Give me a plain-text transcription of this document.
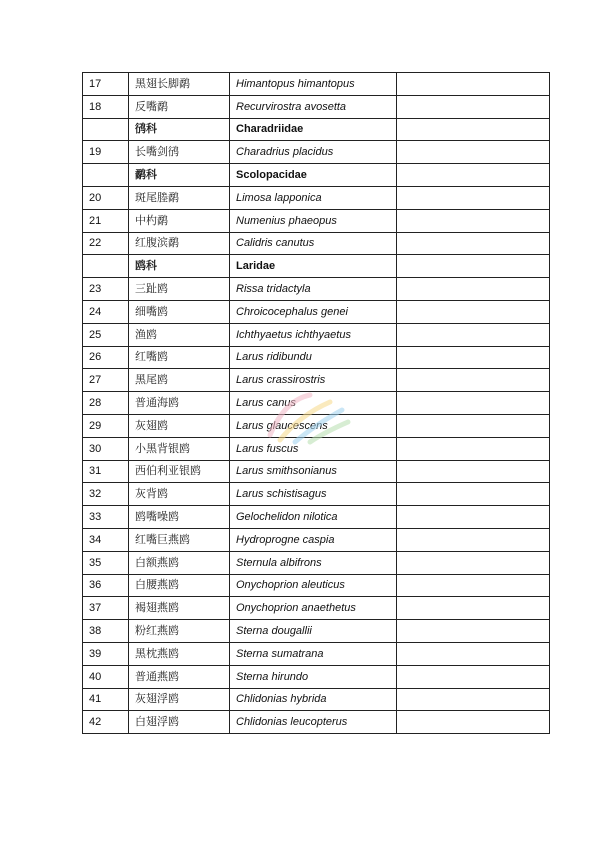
17	黑翅长脚鹬	Himantopus himantopus	
18	反嘴鹬	Recurvirostra avosetta	
	鸻科	Charadriidae	
19	长嘴剑鸻	Charadrius placidus	
	鹬科	Scolopacidae	
20	斑尾塍鹬	Limosa lapponica	
21	中杓鹬	Numenius phaeopus	
22	红腹滨鹬	Calidris canutus	
	鸥科	Laridae	
23	三趾鸥	Rissa tridactyla	
24	细嘴鸥	Chroicocephalus genei	
25	渔鸥	Ichthyaetus ichthyaetus	
26	红嘴鸥	Larus ridibundu	
27	黑尾鸥	Larus crassirostris	
28	普通海鸥	Larus canus	
29	灰翅鸥	Larus glaucescens	
30	小黑背银鸥	Larus fuscus	
31	西伯利亚银鸥	Larus smithsonianus	
32	灰背鸥	Larus schistisagus	
33	鸥嘴噪鸥	Gelochelidon nilotica	
34	红嘴巨燕鸥	Hydroprogne caspia	
35	白额燕鸥	Sternula albifrons	
36	白腰燕鸥	Onychoprion aleuticus	
37	褐翅燕鸥	Onychoprion anaethetus	
38	粉红燕鸥	Sterna dougallii	
39	黑枕燕鸥	Sterna sumatrana	
40	普通燕鸥	Sterna hirundo	
41	灰翅浮鸥	Chlidonias hybrida	
42	白翅浮鸥	Chlidonias leucopterus	
